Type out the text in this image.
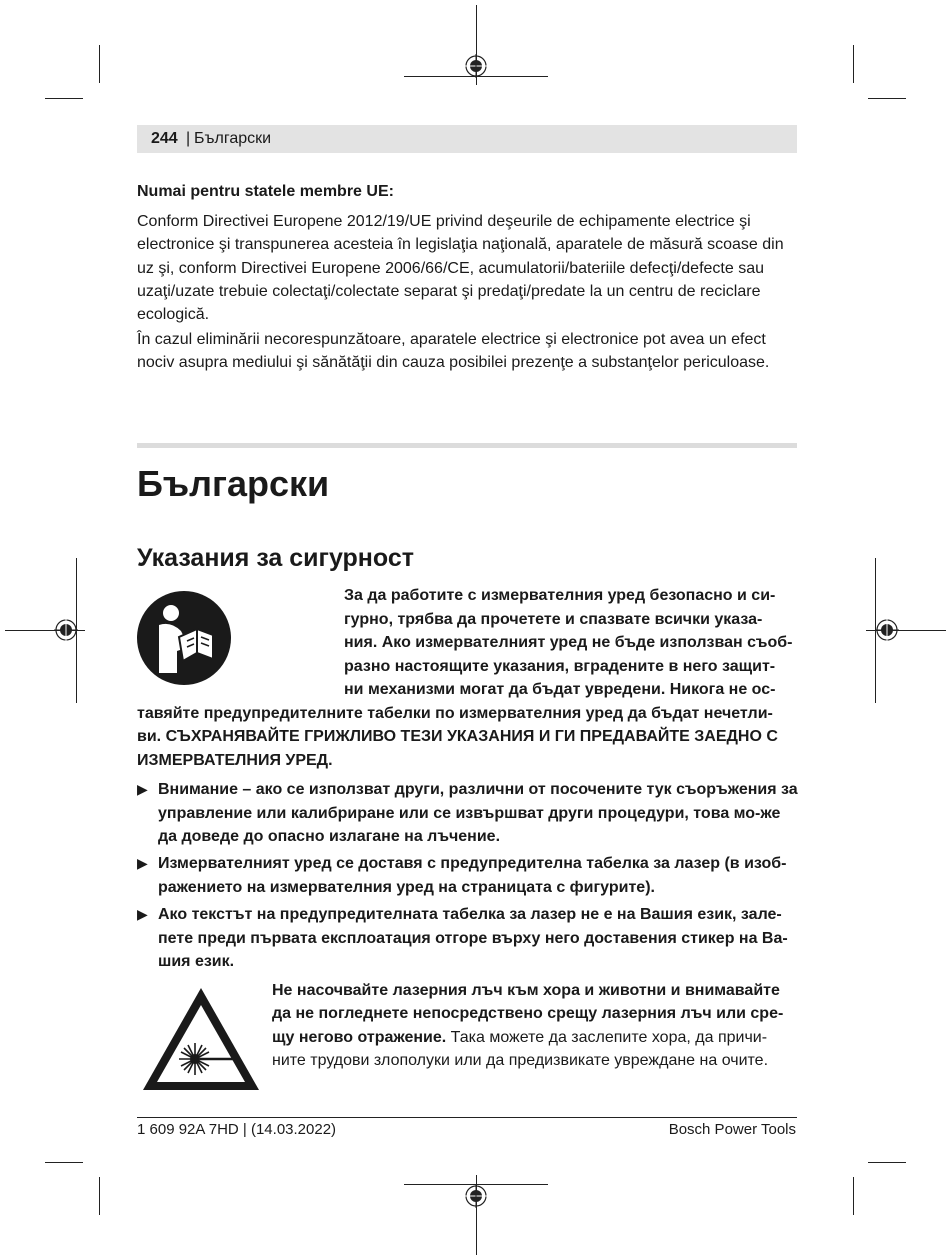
244 | Български
Numai pentru statele membre UE:
Conform Directivei Europene 2012/19/UE privind deşeurile de echipamente electrice şi electronice şi transpunerea acesteia în legislaţia naţională, aparatele de măsură scoase din uz şi, conform Directivei Europene 2006/66/CE, acumulatorii/bateriile defecţi/defecte sau uzaţi/uzate trebuie colectaţi/colectate separat şi predaţi/predate la un centru de reciclare ecologică.
În cazul eliminării necorespunzătoare, aparatele electrice şi electronice pot avea un efect nociv asupra mediului şi sănătăţii din cauza posibilei prezenţe a substanţelor periculoase.
Български
Указания за сигурност
За да работите с измервателния уред безопасно и си-
гурно, трябва да прочетете и спазвате всички указа-
ния. Ако измервателният уред не бъде използван съоб-
разно настоящите указания, вградените в него защит-
ни механизми могат да бъдат увредени. Никога не ос-
тавяйте предупредителните табелки по измервателния уред да бъдат нечетли-
ви. СЪХРАНЯВАЙТЕ ГРИЖЛИВО ТЕЗИ УКАЗАНИЯ И ГИ ПРЕДАВАЙТЕ ЗАЕДНО С
ИЗМЕРВАТЕЛНИЯ УРЕД.
▶ Внимание – ако се използват други, различни от посочените тук съоръжения за управление или калибриране или се извършват други процедури, това мо-же да доведе до опасно излагане на лъчение.
▶ Измервателният уред се доставя с предупредителна табелка за лазер (в изоб-ражението на измервателния уред на страницата с фигурите).
▶ Ако текстът на предупредителната табелка за лазер не е на Вашия език, зале-пете преди първата експлоатация отгоре върху него доставения стикер на Ва-шия език.
Не насочвайте лазерния лъч към хора и животни и внимавайте
да не погледнете непосредствено срещу лазерния лъч или сре-
щу негово отражение. Така можете да заслепите хора, да причи-
ните трудови злополуки или да предизвикате увреждане на очите.
1 609 92A 7HD | (14.03.2022)	Bosch Power Tools
